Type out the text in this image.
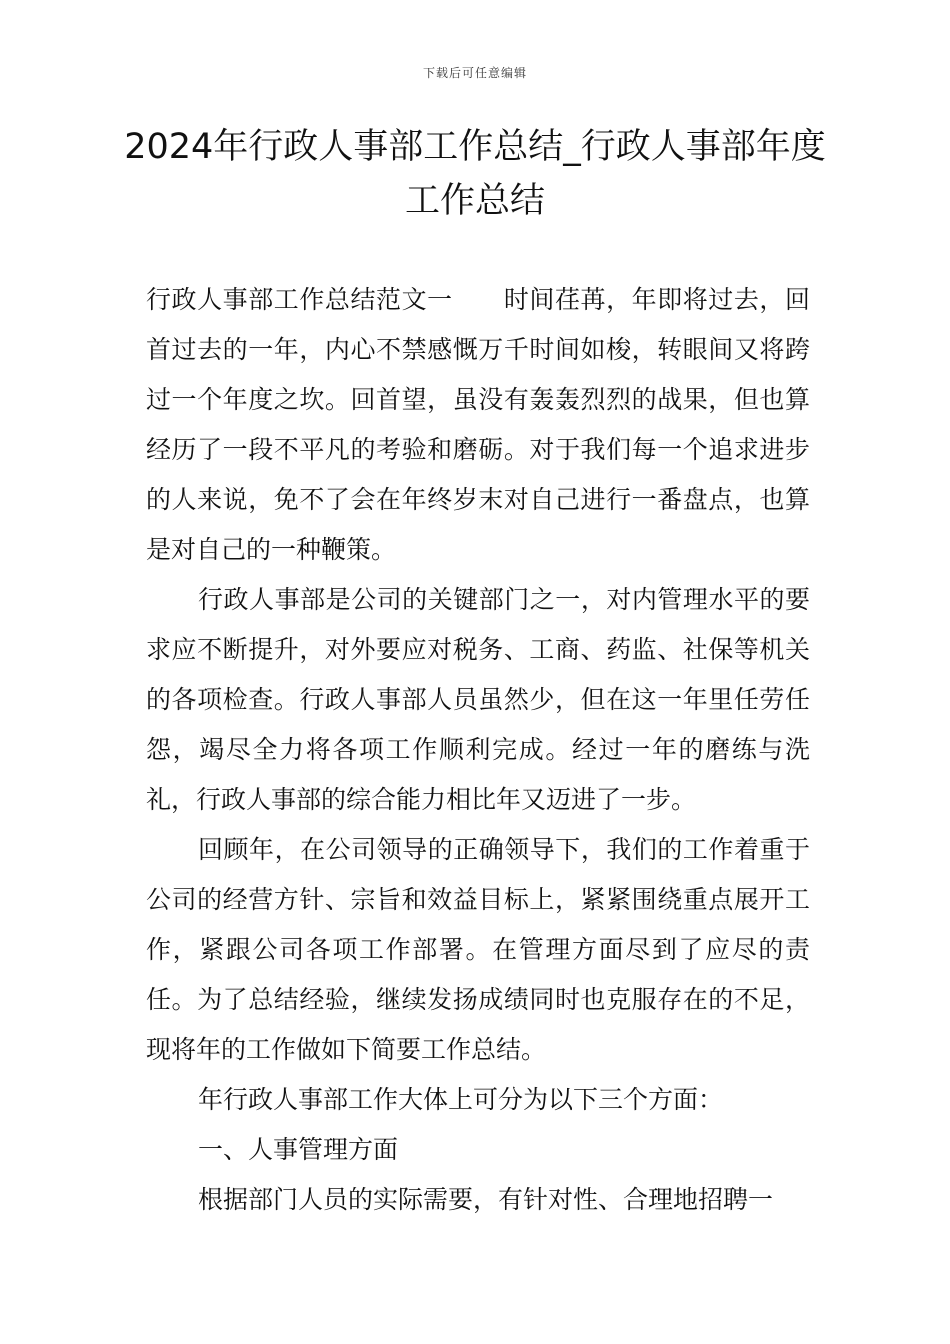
下载后可任意编辑
2024年行政人事部工作总结_行政人事部年度工作总结

行政人事部工作总结范文一　　时间荏苒，年即将过去，回首过去的一年，内心不禁感慨万千时间如梭，转眼间又将跨过一个年度之坎。回首望，虽没有轰轰烈烈的战果，但也算经历了一段不平凡的考验和磨砺。对于我们每一个追求进步的人来说，免不了会在年终岁末对自己进行一番盘点，也算是对自己的一种鞭策。

行政人事部是公司的关键部门之一，对内管理水平的要求应不断提升，对外要应对税务、工商、药监、社保等机关的各项检查。行政人事部人员虽然少，但在这一年里任劳任怨，竭尽全力将各项工作顺利完成。经过一年的磨练与洗礼，行政人事部的综合能力相比年又迈进了一步。

回顾年，在公司领导的正确领导下，我们的工作着重于公司的经营方针、宗旨和效益目标上，紧紧围绕重点展开工作，紧跟公司各项工作部署。在管理方面尽到了应尽的责任。为了总结经验，继续发扬成绩同时也克服存在的不足，现将年的工作做如下简要工作总结。

年行政人事部工作大体上可分为以下三个方面：

一、人事管理方面

根据部门人员的实际需要，有针对性、合理地招聘一
